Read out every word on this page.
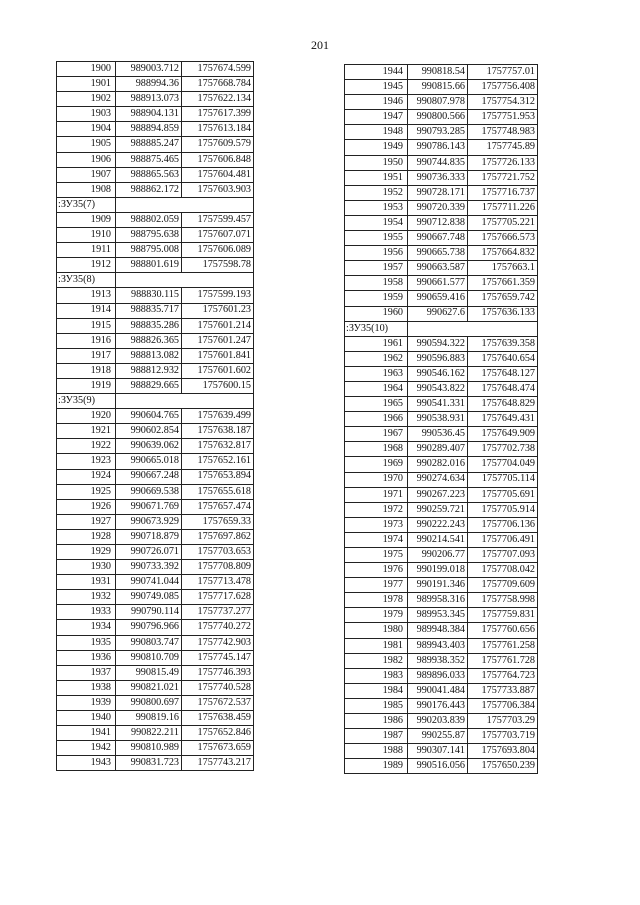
201
1900	989003.712	1757674.599
1901	988994.36	1757668.784
1902	988913.073	1757622.134
1903	988904.131	1757617.399
1904	988894.859	1757613.184
1905	988885.247	1757609.579
1906	988875.465	1757606.848
1907	988865.563	1757604.481
1908	988862.172	1757603.903
:ЗУ35(7)		
1909	988802.059	1757599.457
1910	988795.638	1757607.071
1911	988795.008	1757606.089
1912	988801.619	1757598.78
:ЗУ35(8)		
1913	988830.115	1757599.193
1914	988835.717	1757601.23
1915	988835.286	1757601.214
1916	988826.365	1757601.247
1917	988813.082	1757601.841
1918	988812.932	1757601.602
1919	988829.665	1757600.15
:ЗУ35(9)		
1920	990604.765	1757639.499
1921	990602.854	1757638.187
1922	990639.062	1757632.817
1923	990665.018	1757652.161
1924	990667.248	1757653.894
1925	990669.538	1757655.618
1926	990671.769	1757657.474
1927	990673.929	1757659.33
1928	990718.879	1757697.862
1929	990726.071	1757703.653
1930	990733.392	1757708.809
1931	990741.044	1757713.478
1932	990749.085	1757717.628
1933	990790.114	1757737.277
1934	990796.966	1757740.272
1935	990803.747	1757742.903
1936	990810.709	1757745.147
1937	990815.49	1757746.393
1938	990821.021	1757740.528
1939	990800.697	1757672.537
1940	990819.16	1757638.459
1941	990822.211	1757652.846
1942	990810.989	1757673.659
1943	990831.723	1757743.217
1944	990818.54	1757757.01
1945	990815.66	1757756.408
1946	990807.978	1757754.312
1947	990800.566	1757751.953
1948	990793.285	1757748.983
1949	990786.143	1757745.89
1950	990744.835	1757726.133
1951	990736.333	1757721.752
1952	990728.171	1757716.737
1953	990720.339	1757711.226
1954	990712.838	1757705.221
1955	990667.748	1757666.573
1956	990665.738	1757664.832
1957	990663.587	1757663.1
1958	990661.577	1757661.359
1959	990659.416	1757659.742
1960	990627.6	1757636.133
:ЗУ35(10)		
1961	990594.322	1757639.358
1962	990596.883	1757640.654
1963	990546.162	1757648.127
1964	990543.822	1757648.474
1965	990541.331	1757648.829
1966	990538.931	1757649.431
1967	990536.45	1757649.909
1968	990289.407	1757702.738
1969	990282.016	1757704.049
1970	990274.634	1757705.114
1971	990267.223	1757705.691
1972	990259.721	1757705.914
1973	990222.243	1757706.136
1974	990214.541	1757706.491
1975	990206.77	1757707.093
1976	990199.018	1757708.042
1977	990191.346	1757709.609
1978	989958.316	1757758.998
1979	989953.345	1757759.831
1980	989948.384	1757760.656
1981	989943.403	1757761.258
1982	989938.352	1757761.728
1983	989896.033	1757764.723
1984	990041.484	1757733.887
1985	990176.443	1757706.384
1986	990203.839	1757703.29
1987	990255.87	1757703.719
1988	990307.141	1757693.804
1989	990516.056	1757650.239
